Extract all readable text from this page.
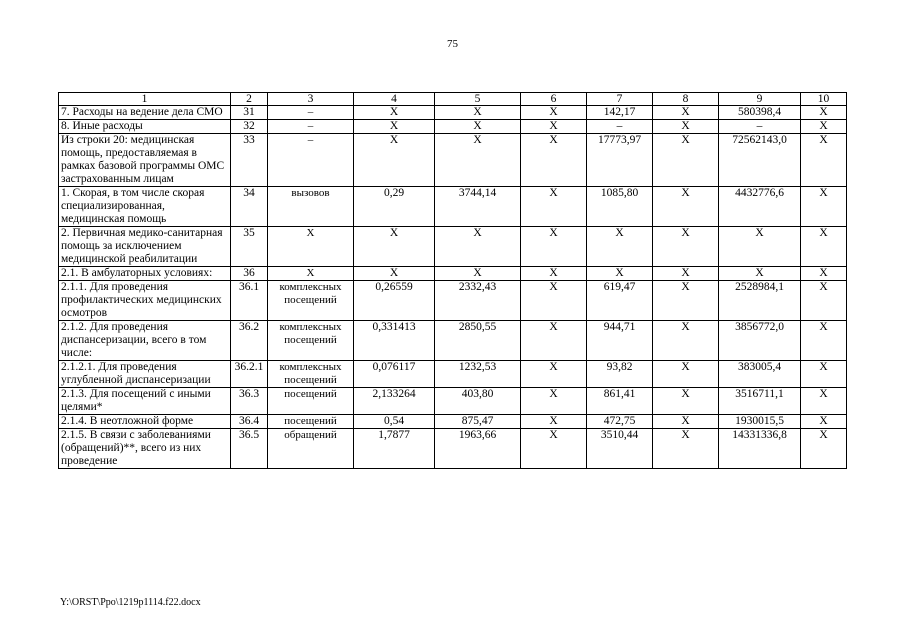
75
1	2	3	4	5	6	7	8	9	10
7. Расходы на ведение дела СМО	31	–	X	X	X	142,17	X	580398,4	X
8. Иные расходы	32	–	X	X	X	–	X	–	X
Из строки 20: медицинская помощь, предоставляемая в рамках базовой программы ОМС застрахованным лицам	33	–	X	X	X	17773,97	X	72562143,0	X
1. Скорая, в том числе скорая специализированная, медицинская помощь	34	вызовов	0,29	3744,14	X	1085,80	X	4432776,6	X
2. Первичная медико-санитарная помощь за исключением медицинской реабилитации	35	X	X	X	X	X	X	X	X
2.1. В амбулаторных условиях:	36	X	X	X	X	X	X	X	X
2.1.1. Для проведения профилактических медицинских осмотров	36.1	комплексных посещений	0,26559	2332,43	X	619,47	X	2528984,1	X
2.1.2. Для проведения диспансеризации, всего в том числе:	36.2	комплексных посещений	0,331413	2850,55	X	944,71	X	3856772,0	X
2.1.2.1. Для проведения углубленной диспансеризации	36.2.1	комплексных посещений	0,076117	1232,53	X	93,82	X	383005,4	X
2.1.3. Для посещений с иными целями*	36.3	посещений	2,133264	403,80	X	861,41	X	3516711,1	X
2.1.4. В неотложной форме	36.4	посещений	0,54	875,47	X	472,75	X	1930015,5	X
2.1.5. В связи с заболеваниями (обращений)**, всего из них проведение	36.5	обращений	1,7877	1963,66	X	3510,44	X	14331336,8	X
Y:\ORST\Ppo\1219p1114.f22.docx
